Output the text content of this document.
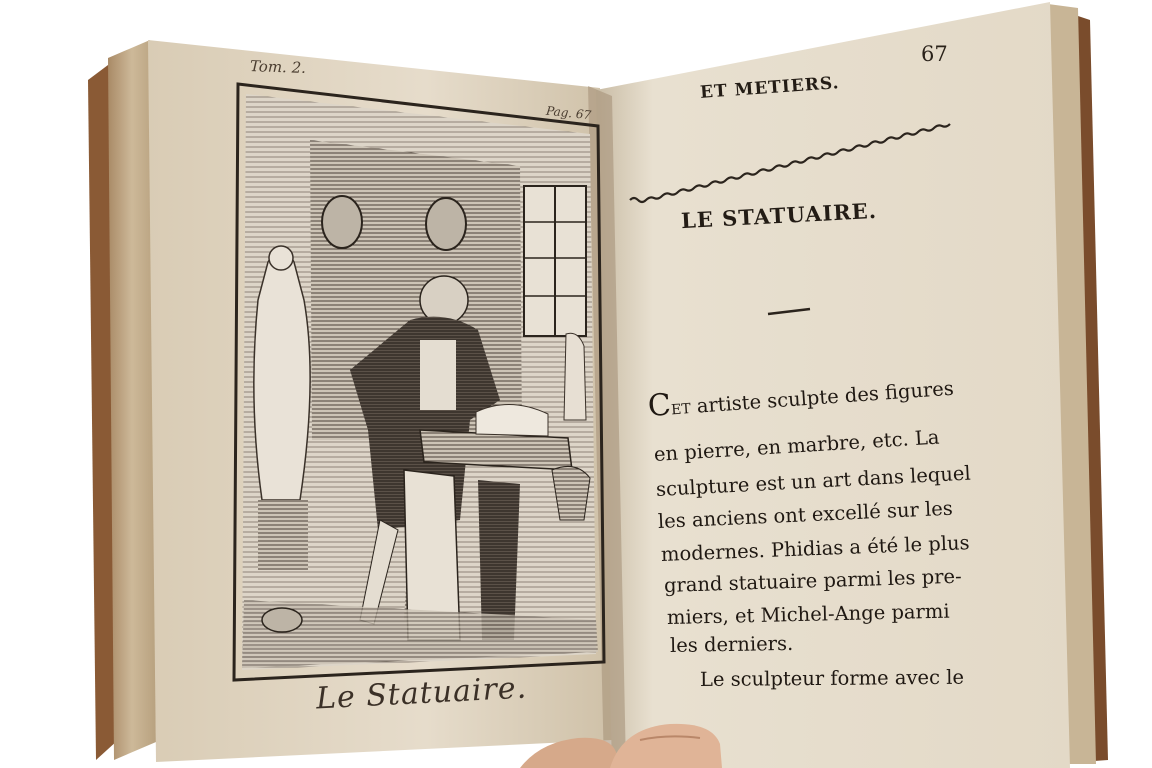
Tom. 2.
Pag. 67
Le Statuaire.
67
ET METIERS.
LE STATUAIRE.
Cet artiste sculpte des figures
en pierre, en marbre, etc. La
sculpture est un art dans lequel
les anciens ont excellé sur les
modernes. Phidias a été le plus
grand statuaire parmi les pre-
miers, et Michel-Ange parmi
les derniers.
Le sculpteur forme avec le
